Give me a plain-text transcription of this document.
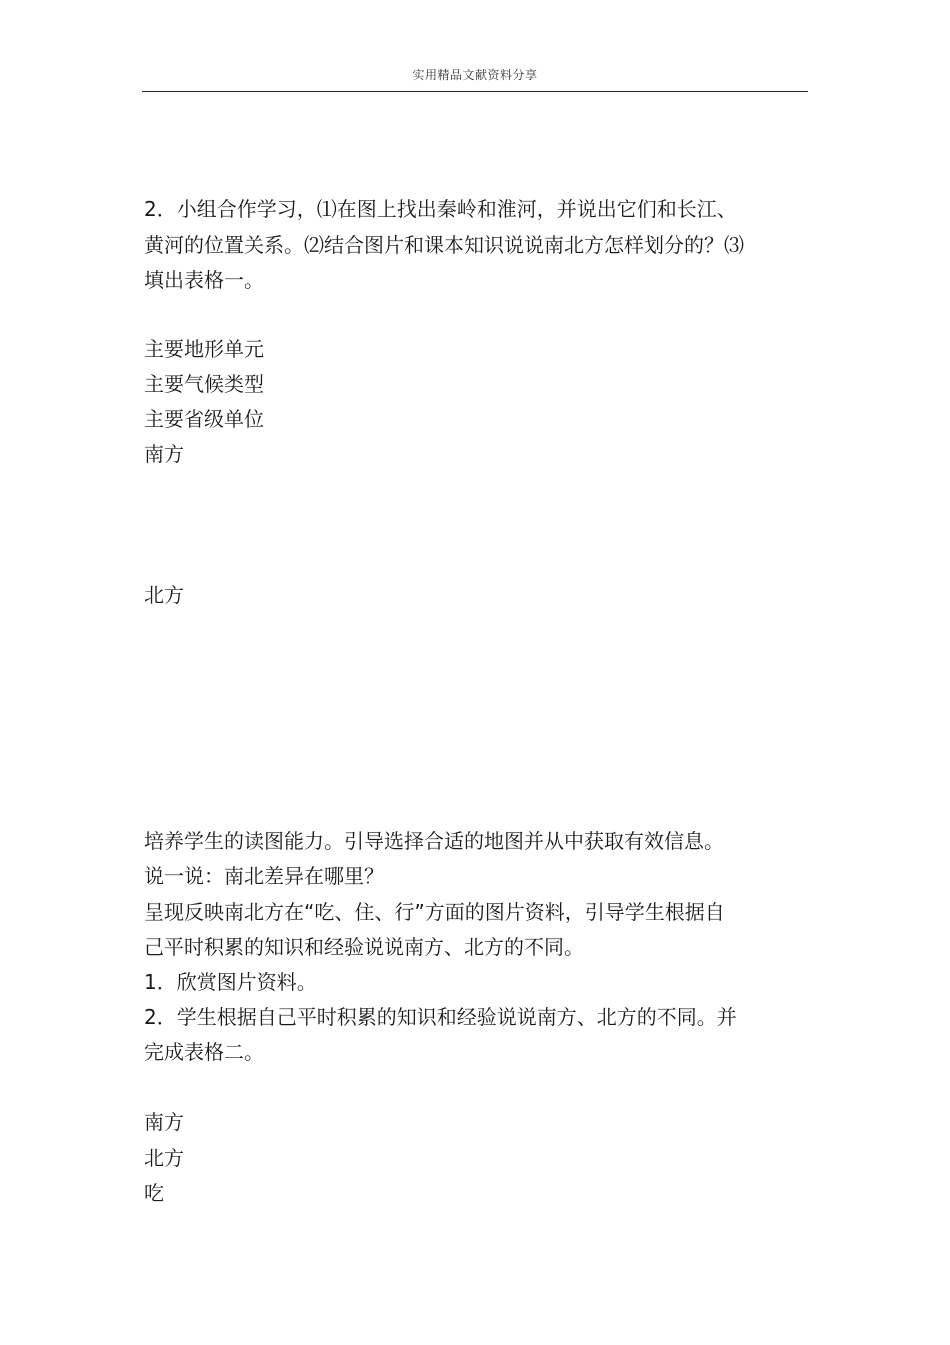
实用精品文献资料分享
2．小组合作学习，⑴在图上找出秦岭和淮河，并说出它们和长江、
黄河的位置关系。⑵结合图片和课本知识说说南北方怎样划分的？⑶
填出表格一。
主要地形单元
主要气候类型
主要省级单位
南方
北方
培养学生的读图能力。引导选择合适的地图并从中获取有效信息。
说一说：南北差异在哪里？
呈现反映南北方在“吃、住、行”方面的图片资料，引导学生根据自
己平时积累的知识和经验说说南方、北方的不同。
1．欣赏图片资料。
2．学生根据自己平时积累的知识和经验说说南方、北方的不同。并
完成表格二。
南方
北方
吃
